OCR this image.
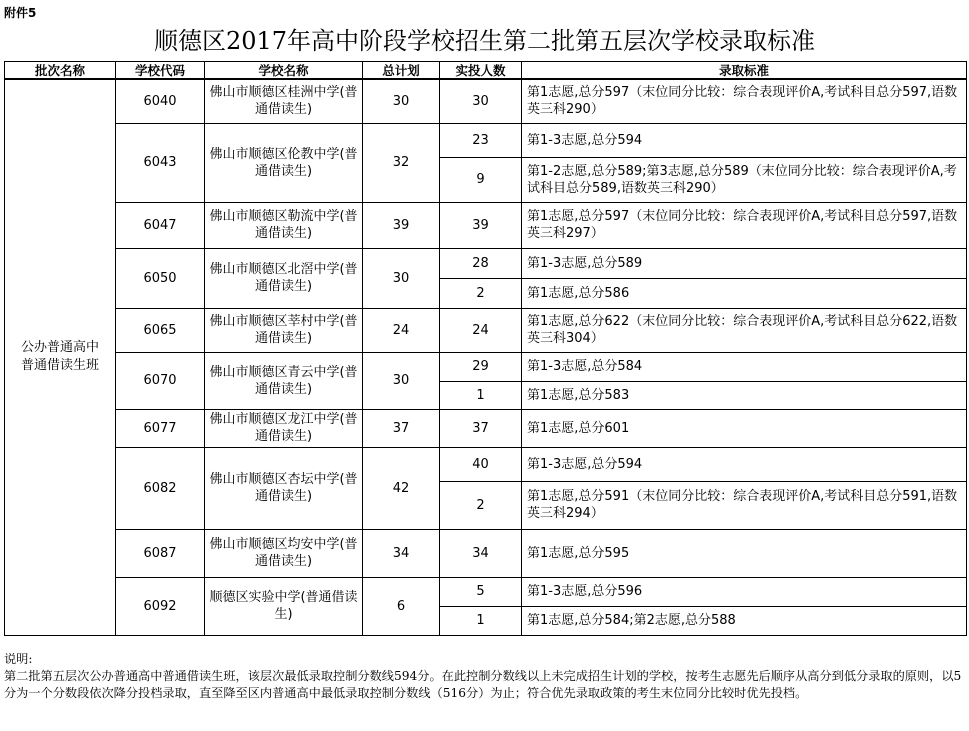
附件5
顺德区2017年高中阶段学校招生第二批第五层次学校录取标准
批次名称	学校代码	学校名称	总计划	实投人数	录取标准
公办普通高中普通借读生班	6040	佛山市顺德区桂洲中学(普通借读生)	30	30	第1志愿,总分597（末位同分比较：综合表现评价A,考试科目总分597,语数英三科290）
	6043	佛山市顺德区伦教中学(普通借读生)	32	23	第1-3志愿,总分594
				9	第1-2志愿,总分589;第3志愿,总分589（末位同分比较：综合表现评价A,考试科目总分589,语数英三科290）
	6047	佛山市顺德区勒流中学(普通借读生)	39	39	第1志愿,总分597（末位同分比较：综合表现评价A,考试科目总分597,语数英三科297）
	6050	佛山市顺德区北滘中学(普通借读生)	30	28	第1-3志愿,总分589
				2	第1志愿,总分586
	6065	佛山市顺德区莘村中学(普通借读生)	24	24	第1志愿,总分622（末位同分比较：综合表现评价A,考试科目总分622,语数英三科304）
	6070	佛山市顺德区青云中学(普通借读生)	30	29	第1-3志愿,总分584
				1	第1志愿,总分583
	6077	佛山市顺德区龙江中学(普通借读生)	37	37	第1志愿,总分601
	6082	佛山市顺德区杏坛中学(普通借读生)	42	40	第1-3志愿,总分594
				2	第1志愿,总分591（末位同分比较：综合表现评价A,考试科目总分591,语数英三科294）
	6087	佛山市顺德区均安中学(普通借读生)	34	34	第1志愿,总分595
	6092	顺德区实验中学(普通借读生)	6	5	第1-3志愿,总分596
				1	第1志愿,总分584;第2志愿,总分588
说明:
第二批第五层次公办普通高中普通借读生班，该层次最低录取控制分数线594分。在此控制分数线以上未完成招生计划的学校，按考生志愿先后顺序从高分到低分录取的原则，以5分为一个分数段依次降分投档录取，直至降至区内普通高中最低录取控制分数线（516分）为止；符合优先录取政策的考生末位同分比较时优先投档。
